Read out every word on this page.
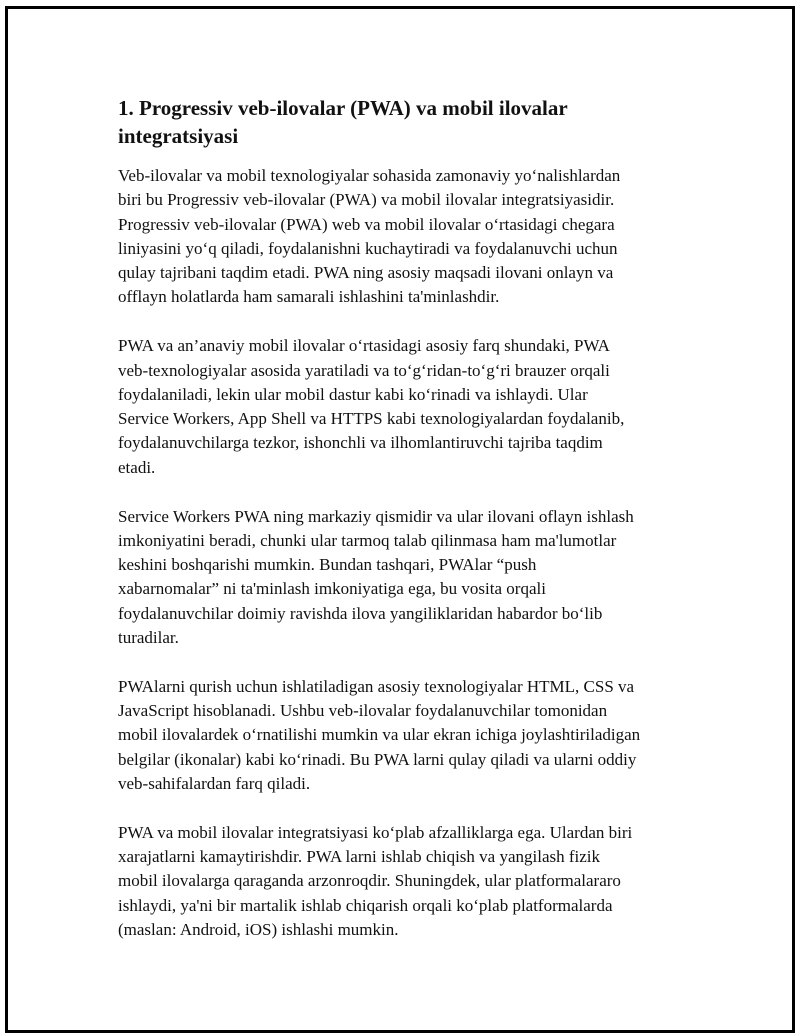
1. Progressiv veb-ilovalar (PWA) va mobil ilovalar
integratsiyasi

Veb-ilovalar va mobil texnologiyalar sohasida zamonaviy yo‘nalishlardan
biri bu Progressiv veb-ilovalar (PWA) va mobil ilovalar integratsiyasidir.
Progressiv veb-ilovalar (PWA) web va mobil ilovalar o‘rtasidagi chegara
liniyasini yo‘q qiladi, foydalanishni kuchaytiradi va foydalanuvchi uchun
qulay tajribani taqdim etadi. PWA ning asosiy maqsadi ilovani onlayn va
offlayn holatlarda ham samarali ishlashini ta'minlashdir.

PWA va an’anaviy mobil ilovalar o‘rtasidagi asosiy farq shundaki, PWA
veb-texnologiyalar asosida yaratiladi va to‘g‘ridan-to‘g‘ri brauzer orqali
foydalaniladi, lekin ular mobil dastur kabi ko‘rinadi va ishlaydi. Ular
Service Workers, App Shell va HTTPS kabi texnologiyalardan foydalanib,
foydalanuvchilarga tezkor, ishonchli va ilhomlantiruvchi tajriba taqdim
etadi.

Service Workers PWA ning markaziy qismidir va ular ilovani oflayn ishlash
imkoniyatini beradi, chunki ular tarmoq talab qilinmasa ham ma'lumotlar
keshini boshqarishi mumkin. Bundan tashqari, PWAlar “push
xabarnomalar” ni ta'minlash imkoniyatiga ega, bu vosita orqali
foydalanuvchilar doimiy ravishda ilova yangiliklaridan habardor bo‘lib
turadilar.

PWAlarni qurish uchun ishlatiladigan asosiy texnologiyalar HTML, CSS va
JavaScript hisoblanadi. Ushbu veb-ilovalar foydalanuvchilar tomonidan
mobil ilovalardek o‘rnatilishi mumkin va ular ekran ichiga joylashtiriladigan
belgilar (ikonalar) kabi ko‘rinadi. Bu PWA larni qulay qiladi va ularni oddiy
veb-sahifalardan farq qiladi.

PWA va mobil ilovalar integratsiyasi ko‘plab afzalliklarga ega. Ulardan biri
xarajatlarni kamaytirishdir. PWA larni ishlab chiqish va yangilash fizik
mobil ilovalarga qaraganda arzonroqdir. Shuningdek, ular platformalararo
ishlaydi, ya'ni bir martalik ishlab chiqarish orqali ko‘plab platformalarda
(maslan: Android, iOS) ishlashi mumkin.
